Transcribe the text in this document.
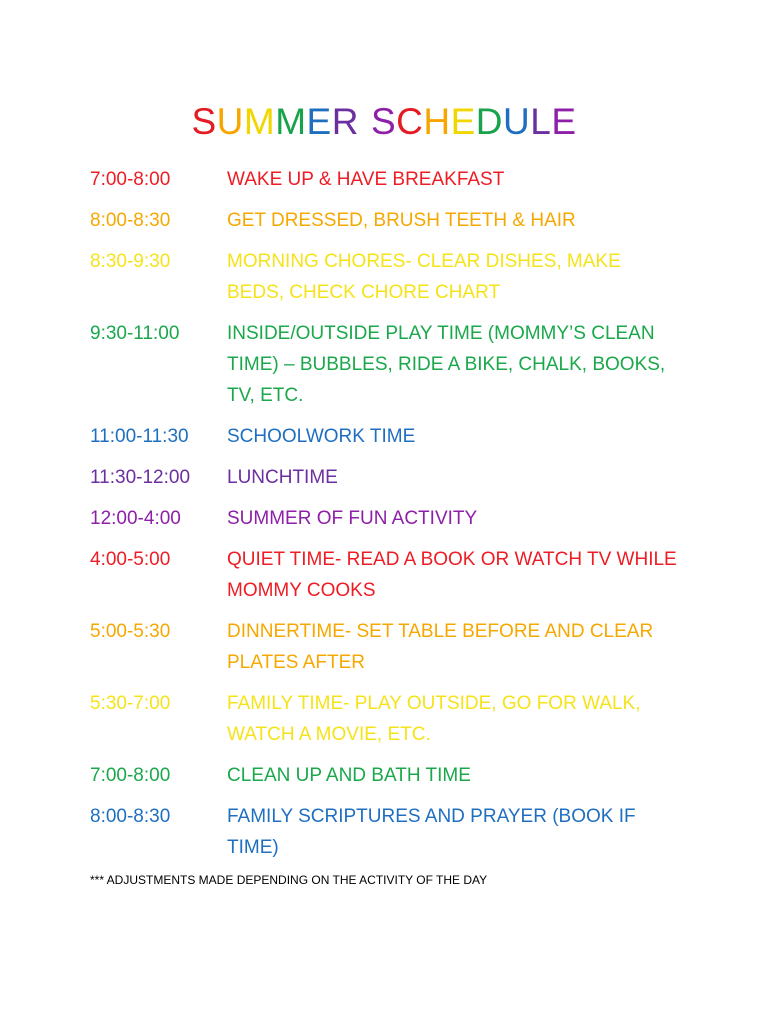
SUMMER SCHEDULE
7:00-8:00	WAKE UP & HAVE BREAKFAST
8:00-8:30	GET DRESSED, BRUSH TEETH & HAIR
8:30-9:30	MORNING CHORES- CLEAR DISHES, MAKE BEDS, CHECK CHORE CHART
9:30-11:00	INSIDE/OUTSIDE PLAY TIME (MOMMY’S CLEAN TIME) – BUBBLES, RIDE A BIKE, CHALK, BOOKS, TV, ETC.
11:00-11:30	SCHOOLWORK TIME
11:30-12:00	LUNCHTIME
12:00-4:00	SUMMER OF FUN ACTIVITY
4:00-5:00	QUIET TIME- READ A BOOK OR WATCH TV WHILE MOMMY COOKS
5:00-5:30	DINNERTIME- SET TABLE BEFORE AND CLEAR PLATES AFTER
5:30-7:00	FAMILY TIME- PLAY OUTSIDE, GO FOR WALK, WATCH A MOVIE, ETC.
7:00-8:00	CLEAN UP AND BATH TIME
8:00-8:30	FAMILY SCRIPTURES AND PRAYER (BOOK IF TIME)
*** ADJUSTMENTS MADE DEPENDING ON THE ACTIVITY OF THE DAY
